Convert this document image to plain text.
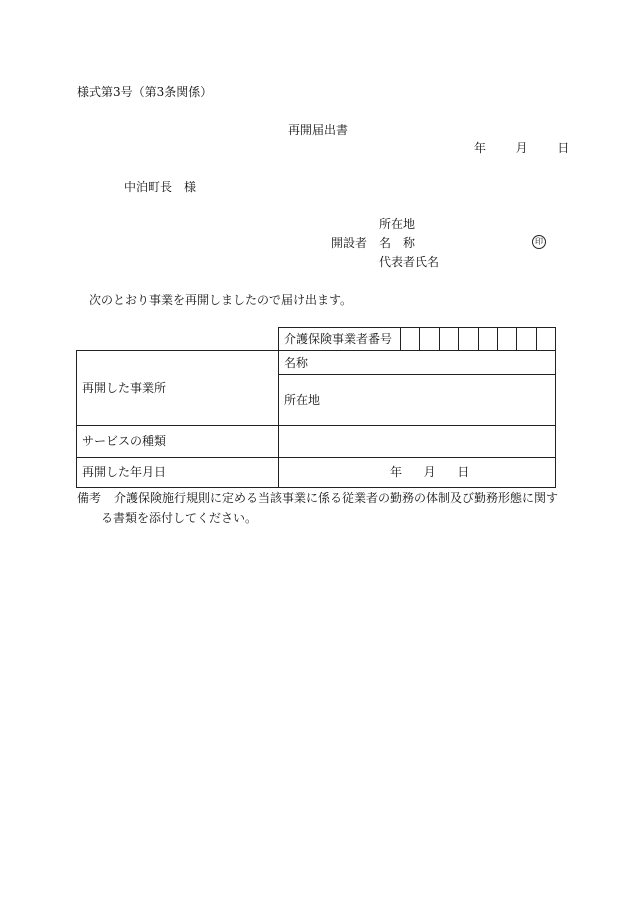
様式第3号（第3条関係）
再開届出書
年 月 日
中泊町長　様
所在地
開設者 名　称	印
代表者氏名
次のとおり事業を再開しましたので届け出ます。
介護保険事業者番号
名称
再開した事業所
所在地
サービスの種類
再開した年月日	年 月 日
備考 介護保険施行規則に定める当該事業に係る従業者の勤務の体制及び勤務形態に関す
る書類を添付してください。
